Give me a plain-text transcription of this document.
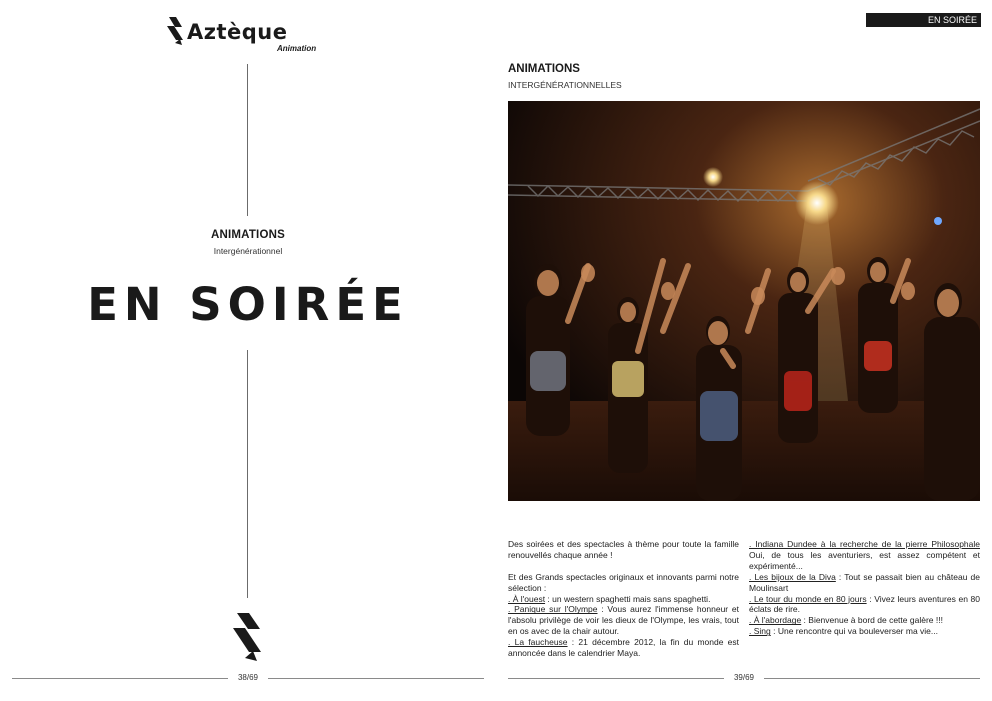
Aztèque
Animation
ANIMATIONS
Intergénérationnel
EN SOIRÉE
38/69
EN SOIRÉE
ANIMATIONS
INTERGÉNÉRATIONNELLES

Des soirées et des spectacles à thème pour toute la famille renouvellés chaque année !

Et des Grands spectacles originaux et innovants parmi notre sélection :

. À l'ouest : un western spaghetti mais sans spaghetti.

. Panique sur l'Olympe : Vous aurez l'immense honneur et l'absolu privilège de voir les dieux de l'Olympe, les vrais, tout en os avec de la chair autour.

. La faucheuse : 21 décembre 2012, la fin du monde est annoncée dans le calendrier Maya.

. Indiana Dundee à la recherche de la pierre Philosophale Oui, de tous les aventuriers, est assez compétent et expérimenté...

. Les bijoux de la Diva : Tout se passait bien au château de Moulinsart

. Le tour du monde en 80 jours : Vivez leurs aventures en 80 éclats de rire.

. À l'abordage : Bienvenue à bord de cette galère !!!

. Sing : Une rencontre qui va bouleverser ma vie...

39/69
